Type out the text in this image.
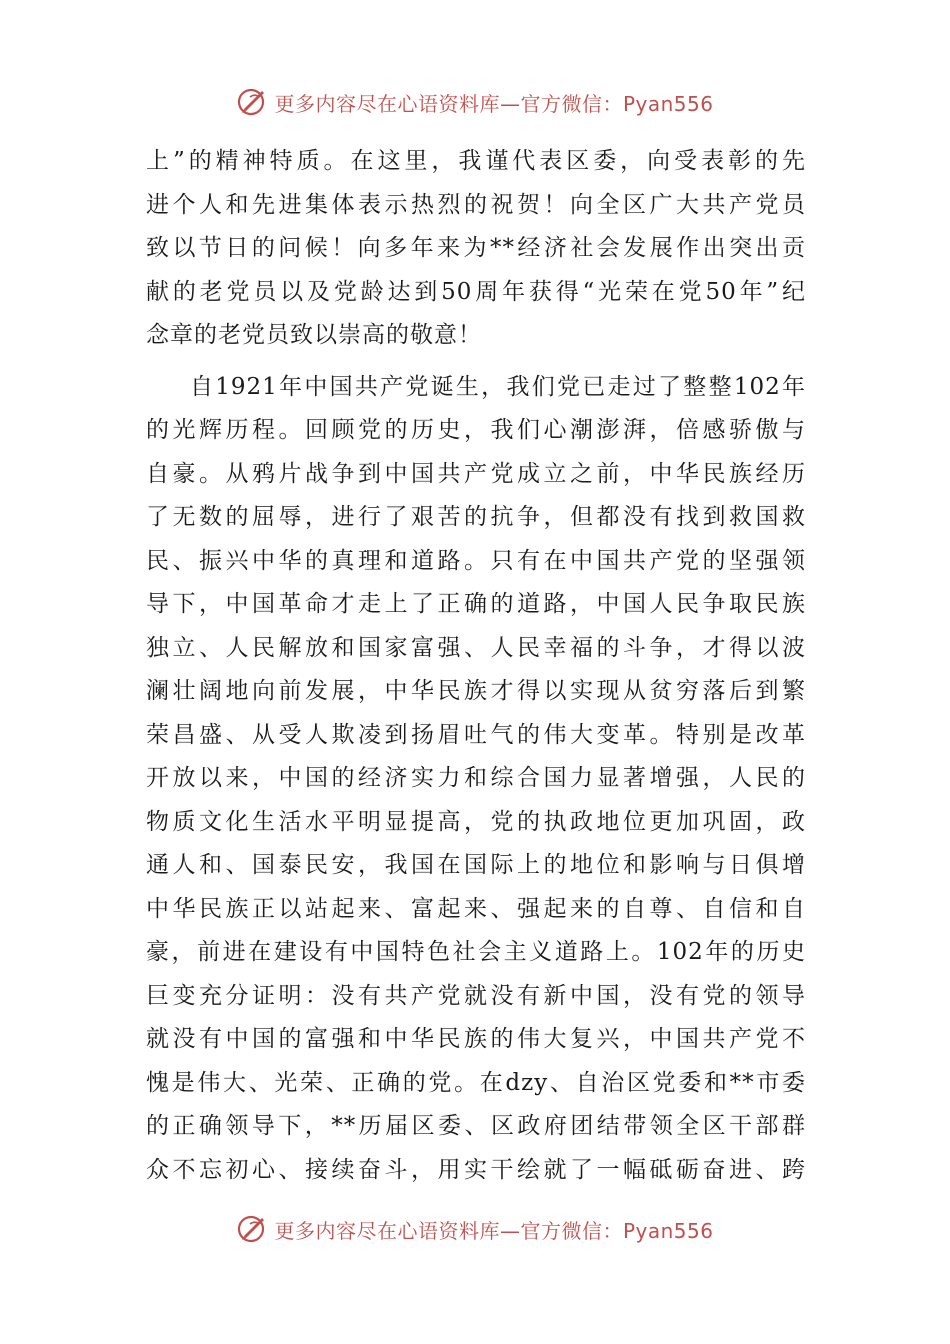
更多内容尽在心语资料库—官方微信：Pyan556
上”的精神特质。在这里，我谨代表区委，向受表彰的先
进个人和先进集体表示热烈的祝贺！向全区广大共产党员
致以节日的问候！向多年来为**经济社会发展作出突出贡
献的老党员以及党龄达到50周年获得“光荣在党50年”纪
念章的老党员致以崇高的敬意！
自1921年中国共产党诞生，我们党已走过了整整102年
的光辉历程。回顾党的历史，我们心潮澎湃，倍感骄傲与
自豪。从鸦片战争到中国共产党成立之前，中华民族经历
了无数的屈辱，进行了艰苦的抗争，但都没有找到救国救
民、振兴中华的真理和道路。只有在中国共产党的坚强领
导下，中国革命才走上了正确的道路，中国人民争取民族
独立、人民解放和国家富强、人民幸福的斗争，才得以波
澜壮阔地向前发展，中华民族才得以实现从贫穷落后到繁
荣昌盛、从受人欺凌到扬眉吐气的伟大变革。特别是改革
开放以来，中国的经济实力和综合国力显著增强，人民的
物质文化生活水平明显提高，党的执政地位更加巩固，政
通人和、国泰民安，我国在国际上的地位和影响与日俱增
中华民族正以站起来、富起来、强起来的自尊、自信和自
豪，前进在建设有中国特色社会主义道路上。102年的历史
巨变充分证明：没有共产党就没有新中国，没有党的领导
就没有中国的富强和中华民族的伟大复兴，中国共产党不
愧是伟大、光荣、正确的党。在dzy、自治区党委和**市委
的正确领导下，**历届区委、区政府团结带领全区干部群
众不忘初心、接续奋斗，用实干绘就了一幅砥砺奋进、跨
更多内容尽在心语资料库—官方微信：Pyan556
